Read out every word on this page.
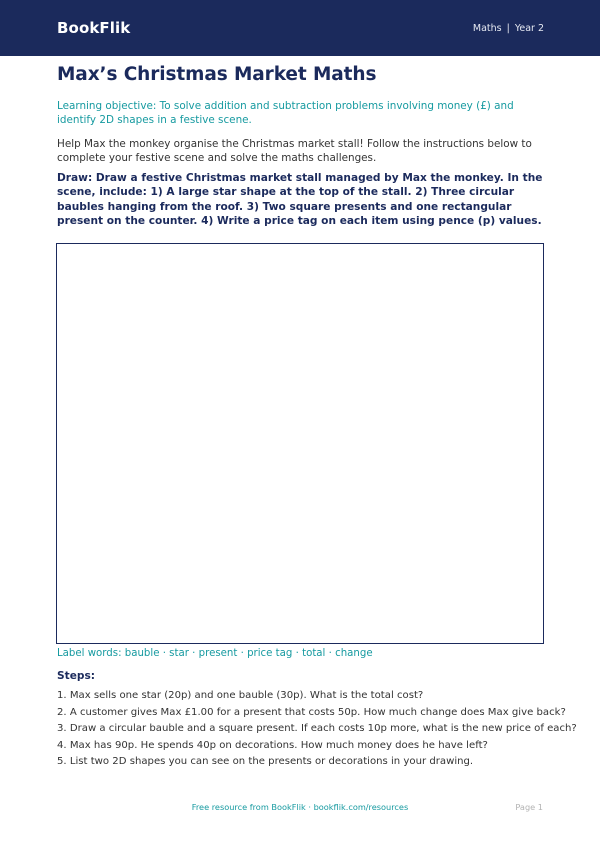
BookFlik	Maths | Year 2
Max’s Christmas Market Maths

Learning objective: To solve addition and subtraction problems involving money (£) and identify 2D shapes in a festive scene.

Help Max the monkey organise the Christmas market stall! Follow the instructions below to complete your festive scene and solve the maths challenges.

Draw: Draw a festive Christmas market stall managed by Max the monkey. In the scene, include: 1) A large star shape at the top of the stall. 2) Three circular baubles hanging from the roof. 3) Two square presents and one rectangular present on the counter. 4) Write a price tag on each item using pence (p) values.

Label words: bauble · star · present · price tag · total · change

Steps:

1. Max sells one star (20p) and one bauble (30p). What is the total cost?
2. A customer gives Max £1.00 for a present that costs 50p. How much change does Max give back?
3. Draw a circular bauble and a square present. If each costs 10p more, what is the new price of each?
4. Max has 90p. He spends 40p on decorations. How much money does he have left?
5. List two 2D shapes you can see on the presents or decorations in your drawing.

Free resource from BookFlik · bookflik.com/resources	Page 1
